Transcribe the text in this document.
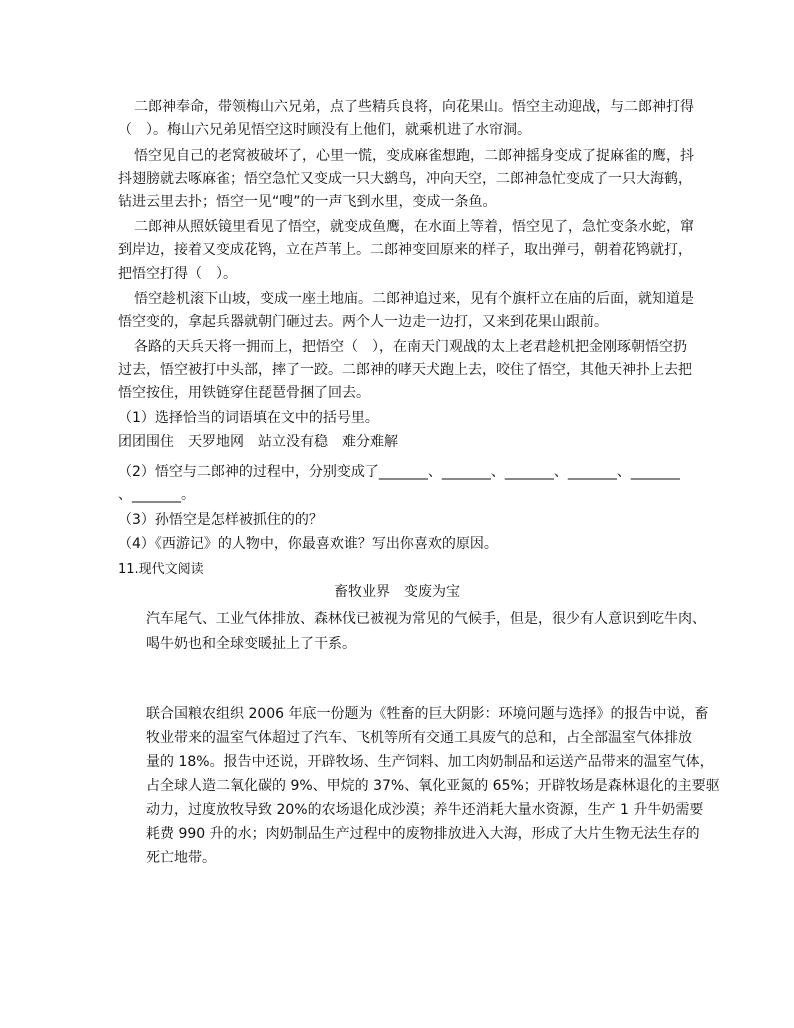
二郎神奉命，带领梅山六兄弟，点了些精兵良将，向花果山。悟空主动迎战，与二郎神打得
（　）。梅山六兄弟见悟空这时顾没有上他们，就乘机进了水帘洞。
悟空见自己的老窝被破坏了，心里一慌，变成麻雀想跑，二郎神摇身变成了捉麻雀的鹰，抖
抖翅膀就去啄麻雀；悟空急忙又变成一只大鹚鸟，冲向天空，二郎神急忙变成了一只大海鹤，
钻进云里去扑；悟空一见“嗖”的一声飞到水里，变成一条鱼。
二郎神从照妖镜里看见了悟空，就变成鱼鹰，在水面上等着，悟空见了，急忙变条水蛇，窜
到岸边，接着又变成花鸨，立在芦苇上。二郎神变回原来的样子，取出弹弓，朝着花鸨就打，
把悟空打得（　）。
悟空趁机滚下山坡，变成一座土地庙。二郎神追过来，见有个旗杆立在庙的后面，就知道是
悟空变的，拿起兵器就朝门砸过去。两个人一边走一边打，又来到花果山跟前。
各路的天兵天将一拥而上，把悟空（　），在南天门观战的太上老君趁机把金刚琢朝悟空扔
过去，悟空被打中头部，摔了一跤。二郎神的哮天犬跑上去，咬住了悟空，其他天神扑上去把
悟空按住，用铁链穿住琵琶骨捆了回去。
（1）选择恰当的词语填在文中的括号里。
团团围住　天罗地网　站立没有稳　难分难解
（2）悟空与二郎神的过程中，分别变成了_______、_______、_______、_______、_______
、_______。
（3）孙悟空是怎样被抓住的的？
（4）《西游记》的人物中，你最喜欢谁？写出你喜欢的原因。
11.现代文阅读
畜牧业界　变废为宝
汽车尾气、工业气体排放、森林伐已被视为常见的气候手，但是，很少有人意识到吃牛肉、
喝牛奶也和全球变暖扯上了干系。
联合国粮农组织 2006 年底一份题为《牲畜的巨大阴影：环境问题与选择》的报告中说，畜
牧业带来的温室气体超过了汽车、飞机等所有交通工具废气的总和，占全部温室气体排放
量的 18%。报告中还说，开辟牧场、生产饲料、加工肉奶制品和运送产品带来的温室气体，
占全球人造二氧化碳的 9%、甲烷的 37%、氧化亚氮的 65%；开辟牧场是森林退化的主要驱
动力，过度放牧导致 20%的农场退化成沙漠；养牛还消耗大量水资源，生产 1 升牛奶需要
耗费 990 升的水；肉奶制品生产过程中的废物排放进入大海，形成了大片生物无法生存的
死亡地带。
